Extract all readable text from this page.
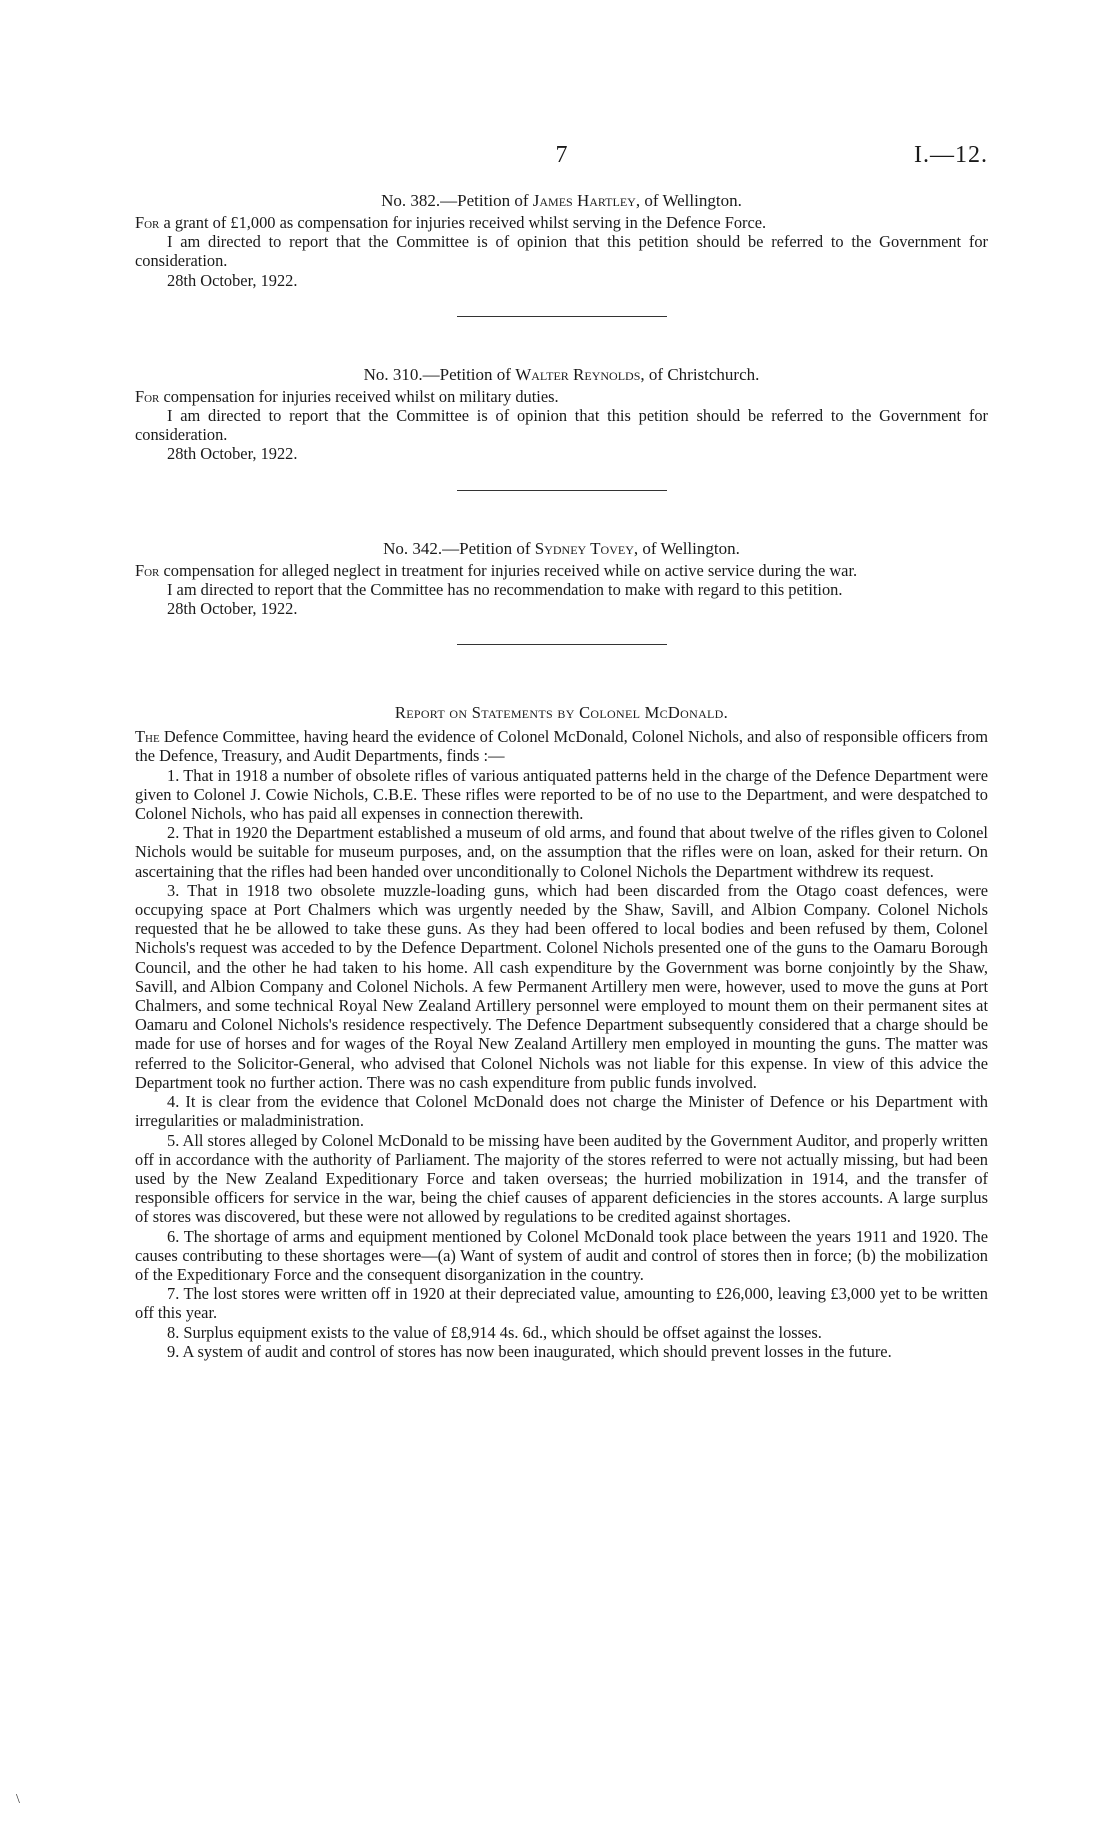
7	I.—12.
No. 382.—Petition of James Hartley, of Wellington.

For a grant of £1,000 as compensation for injuries received whilst serving in the Defence Force.

I am directed to report that the Committee is of opinion that this petition should be referred to the Government for consideration.

28th October, 1922.

No. 310.—Petition of Walter Reynolds, of Christchurch.

For compensation for injuries received whilst on military duties.

I am directed to report that the Committee is of opinion that this petition should be referred to the Government for consideration.

28th October, 1922.

No. 342.—Petition of Sydney Tovey, of Wellington.

For compensation for alleged neglect in treatment for injuries received while on active service during the war.

I am directed to report that the Committee has no recommendation to make with regard to this petition.

28th October, 1922.

Report on Statements by Colonel McDonald.

The Defence Committee, having heard the evidence of Colonel McDonald, Colonel Nichols, and also of responsible officers from the Defence, Treasury, and Audit Departments, finds :—

1. That in 1918 a number of obsolete rifles of various antiquated patterns held in the charge of the Defence Department were given to Colonel J. Cowie Nichols, C.B.E. These rifles were reported to be of no use to the Department, and were despatched to Colonel Nichols, who has paid all expenses in connection therewith.

2. That in 1920 the Department established a museum of old arms, and found that about twelve of the rifles given to Colonel Nichols would be suitable for museum purposes, and, on the assumption that the rifles were on loan, asked for their return. On ascertaining that the rifles had been handed over unconditionally to Colonel Nichols the Department withdrew its request.

3. That in 1918 two obsolete muzzle-loading guns, which had been discarded from the Otago coast defences, were occupying space at Port Chalmers which was urgently needed by the Shaw, Savill, and Albion Company. Colonel Nichols requested that he be allowed to take these guns. As they had been offered to local bodies and been refused by them, Colonel Nichols's request was acceded to by the Defence Department. Colonel Nichols presented one of the guns to the Oamaru Borough Council, and the other he had taken to his home. All cash expenditure by the Government was borne conjointly by the Shaw, Savill, and Albion Company and Colonel Nichols. A few Permanent Artillery men were, however, used to move the guns at Port Chalmers, and some technical Royal New Zealand Artillery personnel were employed to mount them on their permanent sites at Oamaru and Colonel Nichols's residence respectively. The Defence Department subsequently considered that a charge should be made for use of horses and for wages of the Royal New Zealand Artillery men employed in mounting the guns. The matter was referred to the Solicitor-General, who advised that Colonel Nichols was not liable for this expense. In view of this advice the Department took no further action. There was no cash expenditure from public funds involved.

4. It is clear from the evidence that Colonel McDonald does not charge the Minister of Defence or his Department with irregularities or maladministration.

5. All stores alleged by Colonel McDonald to be missing have been audited by the Government Auditor, and properly written off in accordance with the authority of Parliament. The majority of the stores referred to were not actually missing, but had been used by the New Zealand Expeditionary Force and taken overseas; the hurried mobilization in 1914, and the transfer of responsible officers for service in the war, being the chief causes of apparent deficiencies in the stores accounts. A large surplus of stores was discovered, but these were not allowed by regulations to be credited against shortages.

6. The shortage of arms and equipment mentioned by Colonel McDonald took place between the years 1911 and 1920. The causes contributing to these shortages were—(a) Want of system of audit and control of stores then in force; (b) the mobilization of the Expeditionary Force and the consequent disorganization in the country.

7. The lost stores were written off in 1920 at their depreciated value, amounting to £26,000, leaving £3,000 yet to be written off this year.

8. Surplus equipment exists to the value of £8,914 4s. 6d., which should be offset against the losses.

9. A system of audit and control of stores has now been inaugurated, which should prevent losses in the future.

\
